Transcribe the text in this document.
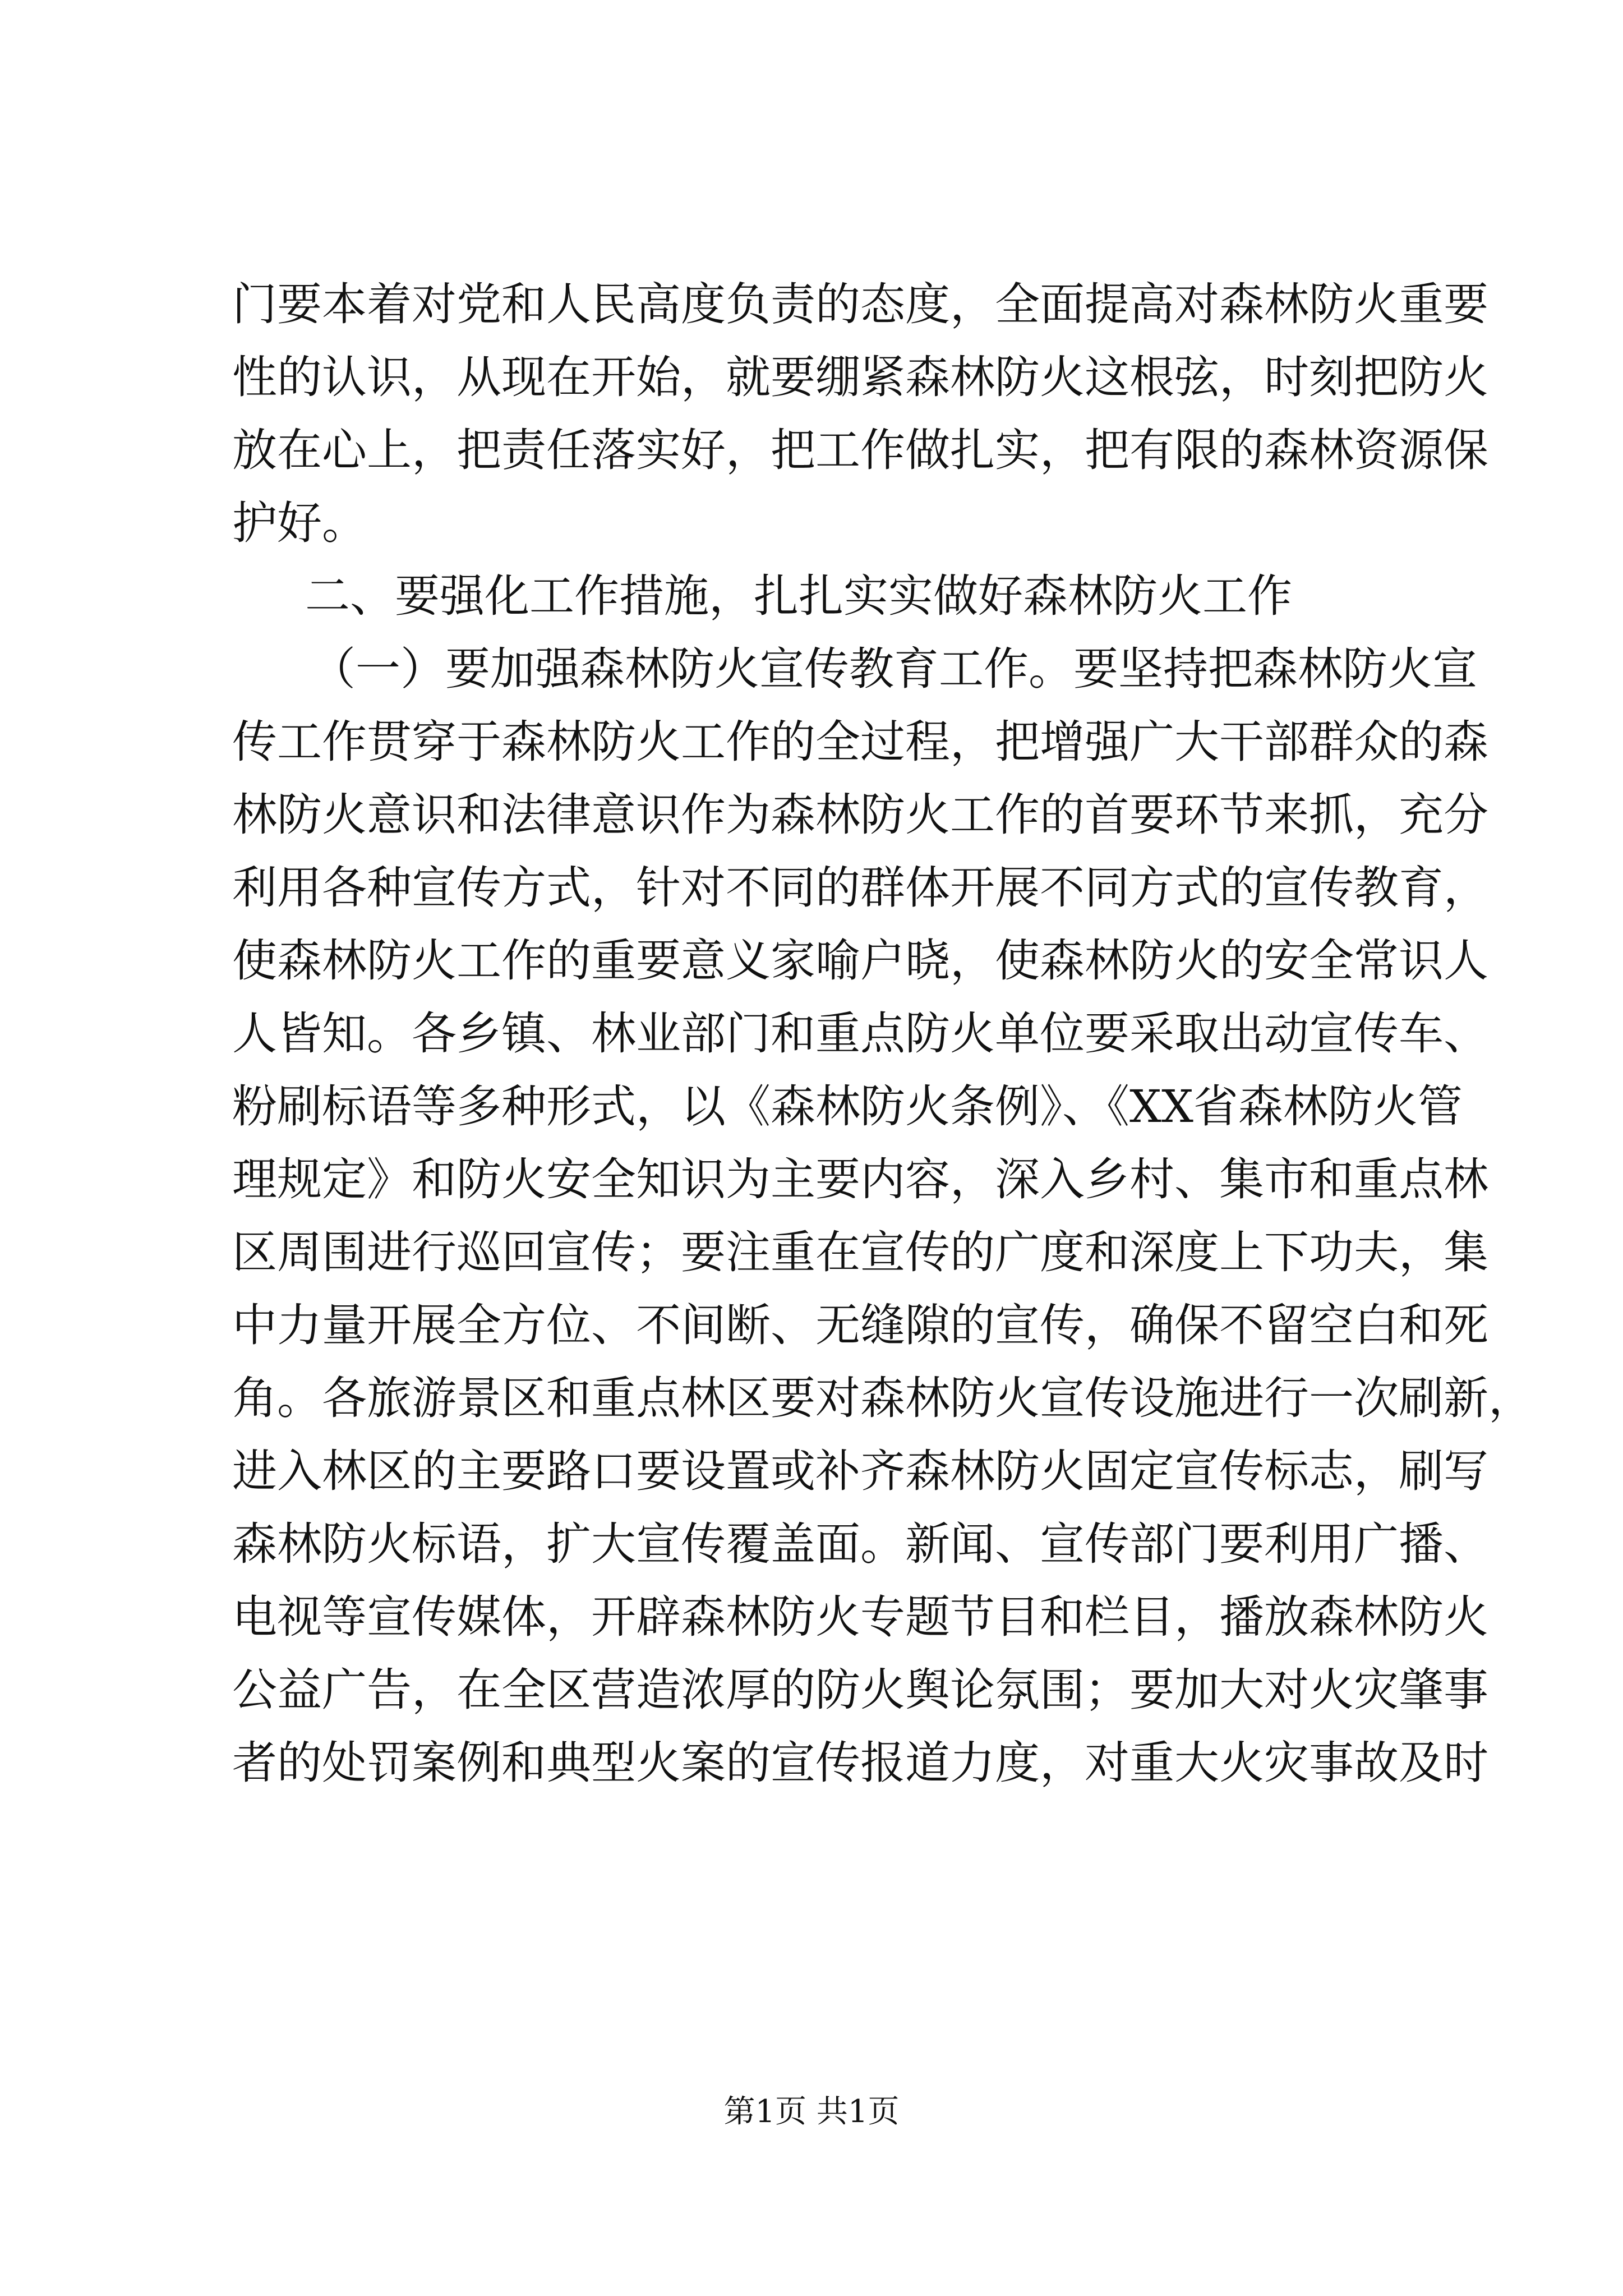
门要本着对党和人民高度负责的态度，全面提高对森林防火重要
性的认识，从现在开始，就要绷紧森林防火这根弦，时刻把防火
放在心上，把责任落实好，把工作做扎实，把有限的森林资源保
护好。
二、要强化工作措施，扎扎实实做好森林防火工作
（一）要加强森林防火宣传教育工作。要坚持把森林防火宣
传工作贯穿于森林防火工作的全过程，把增强广大干部群众的森
林防火意识和法律意识作为森林防火工作的首要环节来抓，充分
利用各种宣传方式，针对不同的群体开展不同方式的宣传教育，
使森林防火工作的重要意义家喻户晓，使森林防火的安全常识人
人皆知。各乡镇、林业部门和重点防火单位要采取出动宣传车、
粉刷标语等多种形式，以《森林防火条例》、《XX省森林防火管
理规定》和防火安全知识为主要内容，深入乡村、集市和重点林
区周围进行巡回宣传；要注重在宣传的广度和深度上下功夫，集
中力量开展全方位、不间断、无缝隙的宣传，确保不留空白和死
角。各旅游景区和重点林区要对森林防火宣传设施进行一次刷新，
进入林区的主要路口要设置或补齐森林防火固定宣传标志，刷写
森林防火标语，扩大宣传覆盖面。新闻、宣传部门要利用广播、
电视等宣传媒体，开辟森林防火专题节目和栏目，播放森林防火
公益广告，在全区营造浓厚的防火舆论氛围；要加大对火灾肇事
者的处罚案例和典型火案的宣传报道力度，对重大火灾事故及时
第1页 共1页
